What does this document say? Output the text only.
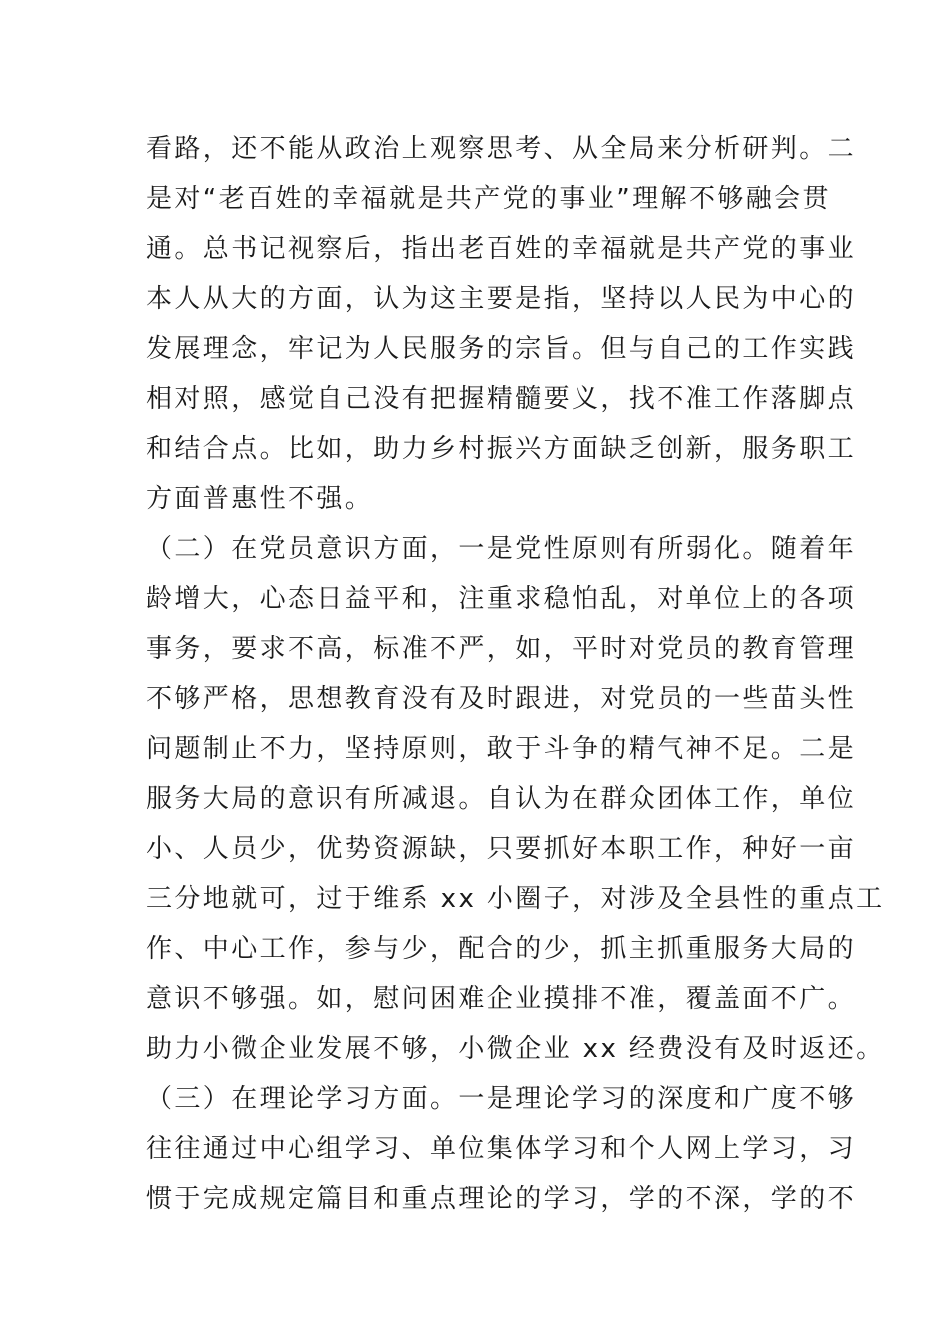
看路，还不能从政治上观察思考、从全局来分析研判。二
是对“老百姓的幸福就是共产党的事业”理解不够融会贯
通。总书记视察后，指出老百姓的幸福就是共产党的事业
本人从大的方面，认为这主要是指，坚持以人民为中心的
发展理念，牢记为人民服务的宗旨。但与自己的工作实践
相对照，感觉自己没有把握精髓要义，找不准工作落脚点
和结合点。比如，助力乡村振兴方面缺乏创新，服务职工
方面普惠性不强。
（二）在党员意识方面，一是党性原则有所弱化。随着年
龄增大，心态日益平和，注重求稳怕乱，对单位上的各项
事务，要求不高，标准不严，如，平时对党员的教育管理
不够严格，思想教育没有及时跟进，对党员的一些苗头性
问题制止不力，坚持原则，敢于斗争的精气神不足。二是
服务大局的意识有所减退。自认为在群众团体工作，单位
小、人员少，优势资源缺，只要抓好本职工作，种好一亩
三分地就可，过于维系 xx 小圈子，对涉及全县性的重点工
作、中心工作，参与少，配合的少，抓主抓重服务大局的
意识不够强。如，慰问困难企业摸排不准，覆盖面不广。
助力小微企业发展不够，小微企业 xx 经费没有及时返还。
（三）在理论学习方面。一是理论学习的深度和广度不够
往往通过中心组学习、单位集体学习和个人网上学习，习
惯于完成规定篇目和重点理论的学习，学的不深，学的不
